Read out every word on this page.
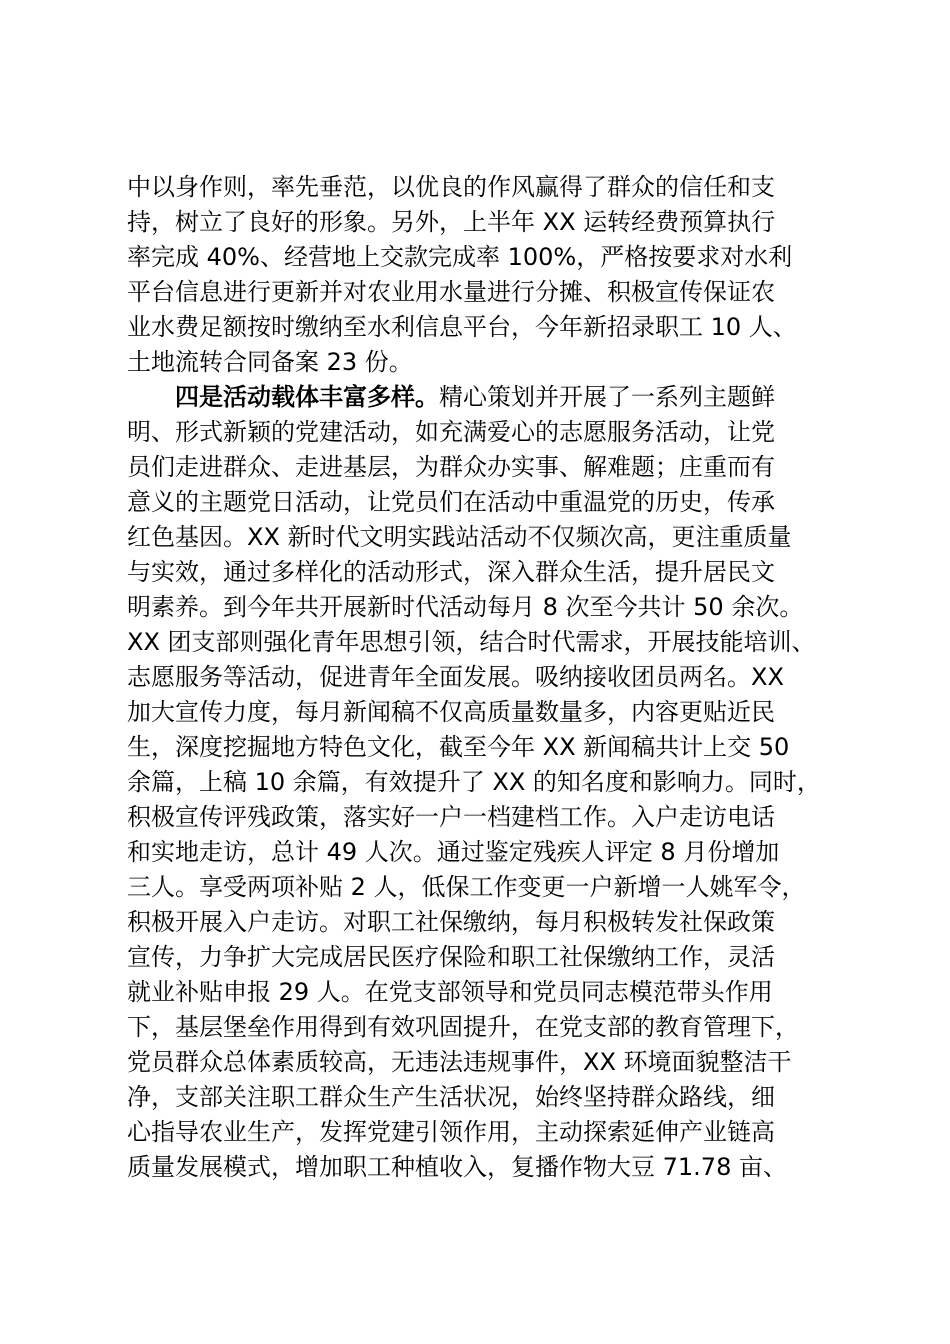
中以身作则，率先垂范，以优良的作风赢得了群众的信任和支
持，树立了良好的形象。另外，上半年 XX 运转经费预算执行
率完成 40%、经营地上交款完成率 100%，严格按要求对水利
平台信息进行更新并对农业用水量进行分摊、积极宣传保证农
业水费足额按时缴纳至水利信息平台，今年新招录职工 10 人、
土地流转合同备案 23 份。
四是活动载体丰富多样。精心策划并开展了一系列主题鲜
明、形式新颖的党建活动，如充满爱心的志愿服务活动，让党
员们走进群众、走进基层，为群众办实事、解难题；庄重而有
意义的主题党日活动，让党员们在活动中重温党的历史，传承
红色基因。XX 新时代文明实践站活动不仅频次高，更注重质量
与实效，通过多样化的活动形式，深入群众生活，提升居民文
明素养。到今年共开展新时代活动每月 8 次至今共计 50 余次。
XX 团支部则强化青年思想引领，结合时代需求，开展技能培训、
志愿服务等活动，促进青年全面发展。吸纳接收团员两名。XX
加大宣传力度，每月新闻稿不仅高质量数量多，内容更贴近民
生，深度挖掘地方特色文化，截至今年 XX 新闻稿共计上交 50
余篇，上稿 10 余篇，有效提升了 XX 的知名度和影响力。同时，
积极宣传评残政策，落实好一户一档建档工作。入户走访电话
和实地走访，总计 49 人次。通过鉴定残疾人评定 8 月份增加
三人。享受两项补贴 2 人，低保工作变更一户新增一人姚军令，
积极开展入户走访。对职工社保缴纳，每月积极转发社保政策
宣传，力争扩大完成居民医疗保险和职工社保缴纳工作，灵活
就业补贴申报 29 人。在党支部领导和党员同志模范带头作用
下，基层堡垒作用得到有效巩固提升，在党支部的教育管理下，
党员群众总体素质较高，无违法违规事件，XX 环境面貌整洁干
净，支部关注职工群众生产生活状况，始终坚持群众路线，细
心指导农业生产，发挥党建引领作用，主动探索延伸产业链高
质量发展模式，增加职工种植收入，复播作物大豆 71.78 亩、
